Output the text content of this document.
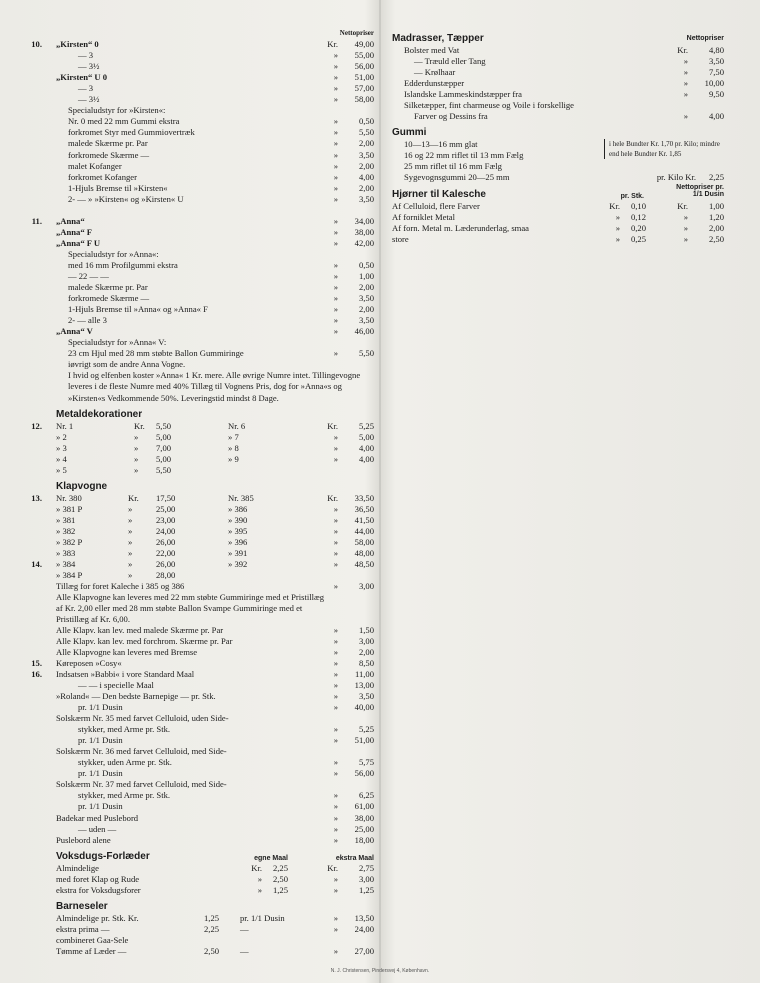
Nettopriser
10. „Kirsten“ 0	Kr. 49,00
— 3	» 55,00
— 3½	» 56,00
„Kirsten“ U 0	» 51,00
— 3	» 57,00
— 3½	» 58,00
Specialudstyr for »Kirsten«:
Nr. 0 med 22 mm Gummi ekstra	» 0,50
forkromet Styr med Gummiovertræk	» 5,50
malede Skærme pr. Par	» 2,00
forkromede Skærme —	» 3,50
malet Kofanger	» 2,00
forkromet Kofanger	» 4,00
1-Hjuls Bremse til »Kirsten«	» 2,00
2- — » »Kirsten« og »Kirsten« U	» 3,50
11. „Anna“	» 34,00
„Anna“ F	» 38,00
„Anna“ F U	» 42,00
Specialudstyr for »Anna«:
med 16 mm Profilgummi ekstra	» 0,50
— 22 — —	» 1,00
malede Skærme pr. Par	» 2,00
forkromede Skærme —	» 3,50
1-Hjuls Bremse til »Anna« og »Anna« F	» 2,00
2- — alle 3	» 3,50
„Anna“ V	» 46,00
Specialudstyr for »Anna« V:
23 cm Hjul med 28 mm støbte Ballon Gummiringe	» 5,50
iøvrigt som de andre Anna Vogne.
I hvid og elfenben koster »Anna« 1 Kr. mere. Alle øvrige Numre intet. Tillingevogne leveres i de fleste Numre med 40% Tillæg til Vognens Pris, dog for »Anna«s og »Kirsten«s Vedkommende 50%. Leveringstid mindst 8 Dage.
Metaldekorationer
12. Nr. 1	Kr. 5,50	Nr. 6	Kr. 5,25
» 2	» 5,00	» 7	» 5,00
» 3	» 7,00	» 8	» 4,00
» 4	» 5,00	» 9	» 4,00
» 5	» 5,50
Klapvogne
13. Nr. 380	Kr. 17,50	Nr. 385	Kr. 33,50
» 381 P	»	25,00	» 386	» 36,50
» 381	»	23,00	» 390	» 41,50
» 382	»	24,00	» 395	» 44,00
» 382 P	»	26,00	» 396	» 58,00
» 383	»	22,00	» 391	» 48,00
14. » 384	»	26,00	» 392	» 48,50
» 384 P	»	28,00
Tillæg for foret Kaleche i 385 og 386	» 3,00
Alle Klapvogne kan leveres med 22 mm støbte Gummiringe med et Pristillæg af Kr. 2,00 eller med 28 mm støbte Ballon Svampe Gummiringe med et Pristillæg af Kr. 6,00.
Alle Klapv. kan lev. med malede Skærme pr. Par	» 1,50
Alle Klapv. kan lev. med forchrom. Skærme pr. Par	» 3,00
Alle Klapvogne kan leveres med Bremse	» 2,00
15. Køreposen »Cosy«	» 8,50
16. Indsatsen »Babbi« i vore Standard Maal	» 11,00
— — i specielle Maal	» 13,00
»Roland« — Den bedste Barnepige — pr. Stk.	» 3,50
pr. 1/1 Dusin	» 40,00
Solskærm Nr. 35 med farvet Celluloid, uden Side-
stykker, med Arme pr. Stk.	» 5,25
pr. 1/1 Dusin	» 51,00
Solskærm Nr. 36 med farvet Celluloid, med Side-
stykker, uden Arme pr. Stk.	» 5,75
pr. 1/1 Dusin	» 56,00
Solskærm Nr. 37 med farvet Celluloid, med Side-
stykker, med Arme pr. Stk.	» 6,25
pr. 1/1 Dusin	» 61,00
Badekar med Puslebord	» 38,00
— uden —	» 25,00
Puslebord alene	» 18,00
Voksdugs-Forlæder	egne Maal	ekstra Maal
Almindelige	Kr. 2,25	Kr. 2,75
med foret Klap og Rude	» 2,50	» 3,00
ekstra for Voksdugsforer	» 1,25	» 1,25
Barneseler
Almindelige pr. Stk. Kr.	1,25 pr. 1/1 Dusin	» 13,50
ekstra prima —	2,25 —	» 24,00
combineret Gaa-Sele
Tømme af Læder —	2,50 —	» 27,00
Madrasser, Tæpper	Nettopriser
Bolster med Vat	Kr. 4,80
— Træuld eller Tang	» 3,50
— Krølhaar	» 7,50
Edderdunstæpper	» 10,00
Islandske Lammeskindstæpper fra	» 9,50
Silketæpper, fint charmeuse og Voile i forskellige
Farver og Dessins fra	» 4,00
Gummi
10—13—16 mm glat
16 og 22 mm riflet til 13 mm Fælg
25 mm riflet til 16 mm Fælg
i hele Bundter Kr. 1,70 pr. Kilo; mindre end hele Bundter Kr. 1,85
Sygevognsgummi 20—25 mm	pr. Kilo Kr. 2,25
Hjørner til Kalesche	pr. Stk.
Nettopriser pr. 1/1 Dusin
Af Celluloid, flere Farver	Kr. 0,10	Kr. 1,00
Af forniklet Metal	» 0,12	» 1,20
Af forn. Metal m. Læderunderlag, smaa	» 0,20	» 2,00
store	» 0,25	» 2,50
N. J. Christensen, Pindersvej 4, København.
